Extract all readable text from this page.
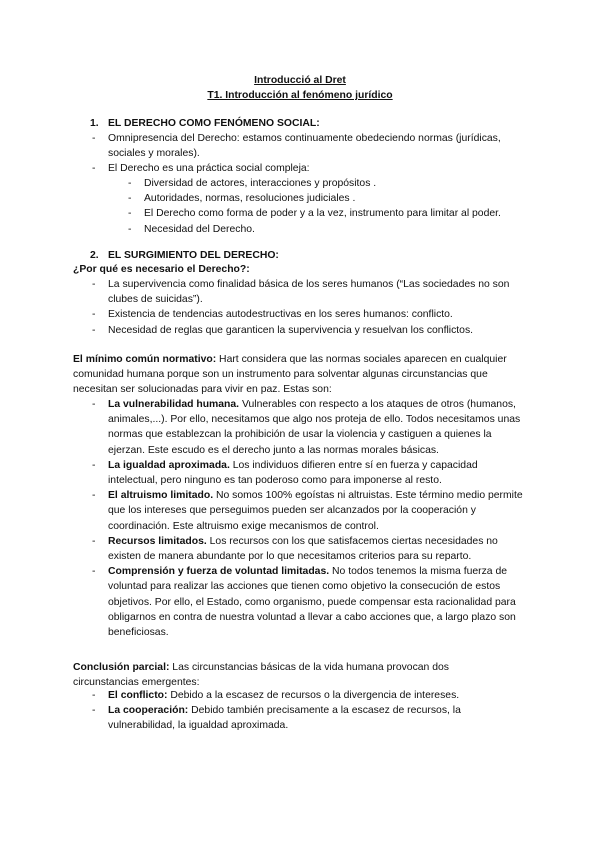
Introducció al Dret
T1. Introducción al fenómeno jurídico
1. EL DERECHO COMO FENÓMENO SOCIAL:

- Omnipresencia del Derecho: estamos continuamente obedeciendo normas (jurídicas, sociales y morales).

- El Derecho es una práctica social compleja:

- Diversidad de actores, interacciones y propósitos .

- Autoridades, normas, resoluciones judiciales .

- El Derecho como forma de poder y a la vez, instrumento para limitar al poder.

- Necesidad del Derecho.

2. EL SURGIMIENTO DEL DERECHO:
¿Por qué es necesario el Derecho?:

- La supervivencia como finalidad básica de los seres humanos (“Las sociedades no son clubes de suicidas”).

- Existencia de tendencias autodestructivas en los seres humanos: conflicto.

- Necesidad de reglas que garanticen la supervivencia y resuelvan los conflictos.

El mínimo común normativo: Hart considera que las normas sociales aparecen en cualquier comunidad humana porque son un instrumento para solventar algunas circunstancias que necesitan ser solucionadas para vivir en paz. Estas son:

- La vulnerabilidad humana. Vulnerables con respecto a los ataques de otros (humanos, animales,...). Por ello, necesitamos que algo nos proteja de ello. Todos necesitamos unas normas que establezcan la prohibición de usar la violencia y castiguen a quienes la ejerzan. Este escudo es el derecho junto a las normas morales básicas.

- La igualdad aproximada. Los individuos difieren entre sí en fuerza y capacidad intelectual, pero ninguno es tan poderoso como para imponerse al resto.

- El altruismo limitado. No somos 100% egoístas ni altruistas. Este término medio permite que los intereses que perseguimos pueden ser alcanzados por la cooperación y coordinación. Este altruismo exige mecanismos de control.

- Recursos limitados. Los recursos con los que satisfacemos ciertas necesidades no existen de manera abundante por lo que necesitamos criterios para su reparto.

- Comprensión y fuerza de voluntad limitadas. No todos tenemos la misma fuerza de voluntad para realizar las acciones que tienen como objetivo la consecución de estos objetivos. Por ello, el Estado, como organismo, puede compensar esta racionalidad para obligarnos en contra de nuestra voluntad a llevar a cabo acciones que, a largo plazo son beneficiosas.

Conclusión parcial: Las circunstancias básicas de la vida humana provocan dos circunstancias emergentes:

- El conflicto: Debido a la escasez de recursos o la divergencia de intereses.

- La cooperación: Debido también precisamente a la escasez de recursos, la vulnerabilidad, la igualdad aproximada.
